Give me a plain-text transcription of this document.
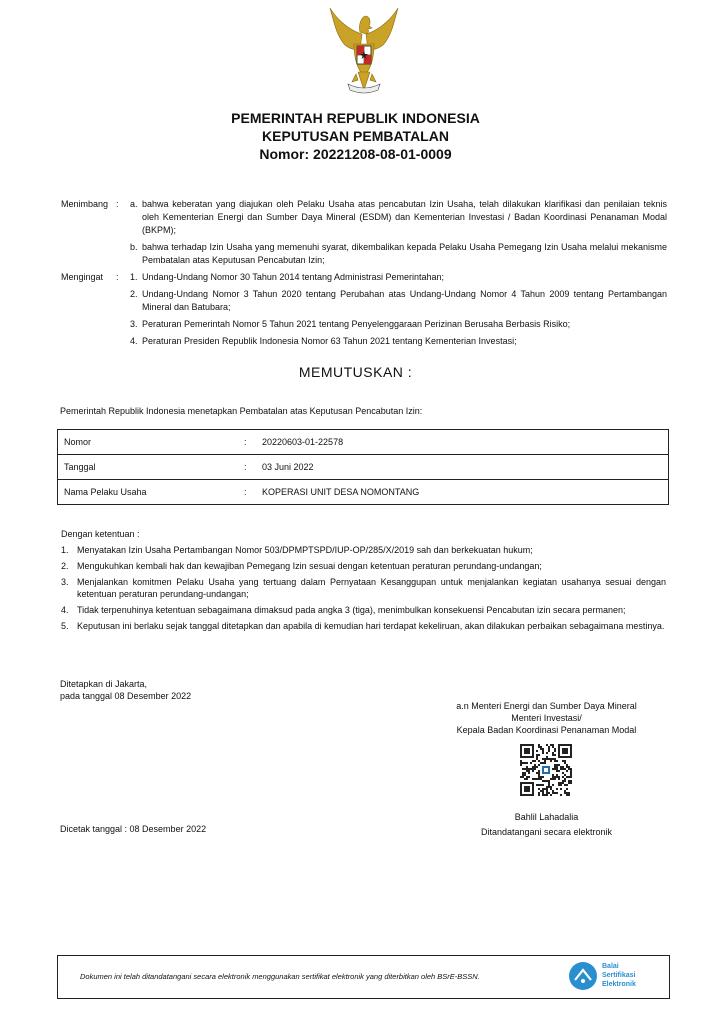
PEMERINTAH REPUBLIK INDONESIA
KEPUTUSAN PEMBATALAN
Nomor: 20221208-08-01-0009
Menimbang :	a. bahwa keberatan yang diajukan oleh Pelaku Usaha atas pencabutan Izin Usaha, telah dilakukan klarifikasi dan penilaian teknis oleh Kementerian Energi dan Sumber Daya Mineral (ESDM) dan Kementerian Investasi / Badan Koordinasi Penanaman Modal (BKPM);
b. bahwa terhadap Izin Usaha yang memenuhi syarat, dikembalikan kepada Pelaku Usaha Pemegang Izin Usaha melalui mekanisme Pembatalan atas Keputusan Pencabutan Izin;
Mengingat	:	1. Undang-Undang Nomor 30 Tahun 2014 tentang Administrasi Pemerintahan;
2. Undang-Undang Nomor 3 Tahun 2020 tentang Perubahan atas Undang-Undang Nomor 4 Tahun 2009 tentang Pertambangan Mineral dan Batubara;
3. Peraturan Pemerintah Nomor 5 Tahun 2021 tentang Penyelenggaraan Perizinan Berusaha Berbasis Risiko;
4. Peraturan Presiden Republik Indonesia Nomor 63 Tahun 2021 tentang Kementerian Investasi;
MEMUTUSKAN :
Pemerintah Republik Indonesia menetapkan Pembatalan atas Keputusan Pencabutan Izin:
Nomor	:	20220603-01-22578
Tanggal	:	03 Juni 2022
Nama Pelaku Usaha	:	KOPERASI UNIT DESA NOMONTANG
Dengan ketentuan :
1. Menyatakan Izin Usaha Pertambangan Nomor 503/DPMPTSPD/IUP-OP/285/X/2019 sah dan berkekuatan hukum;
2. Mengukuhkan kembali hak dan kewajiban Pemegang Izin sesuai dengan ketentuan peraturan perundang-undangan;
3. Menjalankan komitmen Pelaku Usaha yang tertuang dalam Pernyataan Kesanggupan untuk menjalankan kegiatan usahanya sesuai dengan ketentuan peraturan perundang-undangan;
4. Tidak terpenuhinya ketentuan sebagaimana dimaksud pada angka 3 (tiga), menimbulkan konsekuensi Pencabutan izin secara permanen;
5. Keputusan ini berlaku sejak tanggal ditetapkan dan apabila di kemudian hari terdapat kekeliruan, akan dilakukan perbaikan sebagaimana mestinya.
Ditetapkan di Jakarta,
pada tanggal 08 Desember 2022
a.n Menteri Energi dan Sumber Daya Mineral
Menteri Investasi/
Kepala Badan Koordinasi Penanaman Modal
Bahlil Lahadalia
Ditandatangani secara elektronik
Dicetak tanggal : 08 Desember 2022
Dokumen ini telah ditandatangani secara elektronik menggunakan sertifikat elektronik yang diterbitkan oleh BSrE-BSSN.
Balai
Sertifikasi
Elektronik
